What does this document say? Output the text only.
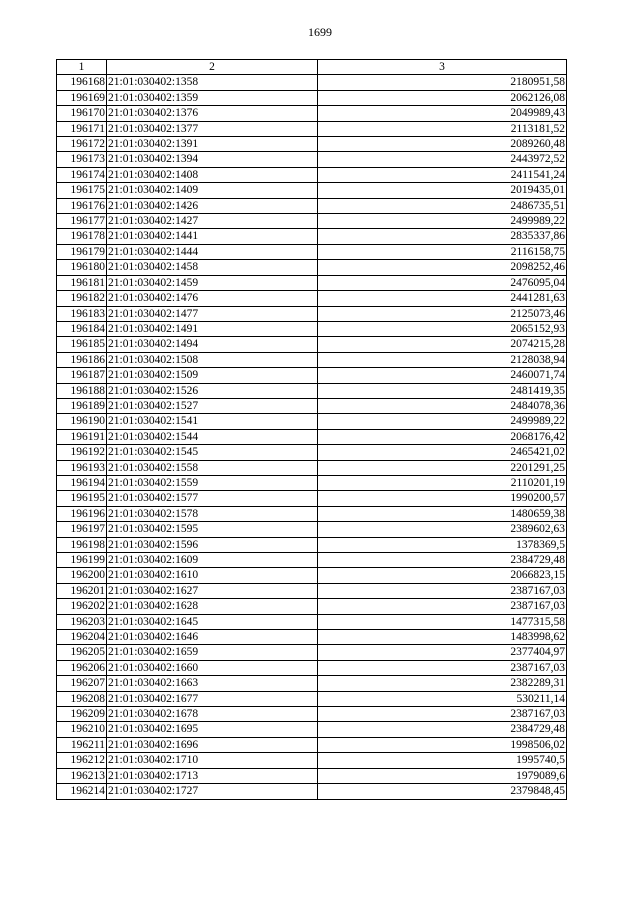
1699
1	2	3
196168	21:01:030402:1358	2180951,58
196169	21:01:030402:1359	2062126,08
196170	21:01:030402:1376	2049989,43
196171	21:01:030402:1377	2113181,52
196172	21:01:030402:1391	2089260,48
196173	21:01:030402:1394	2443972,52
196174	21:01:030402:1408	2411541,24
196175	21:01:030402:1409	2019435,01
196176	21:01:030402:1426	2486735,51
196177	21:01:030402:1427	2499989,22
196178	21:01:030402:1441	2835337,86
196179	21:01:030402:1444	2116158,75
196180	21:01:030402:1458	2098252,46
196181	21:01:030402:1459	2476095,04
196182	21:01:030402:1476	2441281,63
196183	21:01:030402:1477	2125073,46
196184	21:01:030402:1491	2065152,93
196185	21:01:030402:1494	2074215,28
196186	21:01:030402:1508	2128038,94
196187	21:01:030402:1509	2460071,74
196188	21:01:030402:1526	2481419,35
196189	21:01:030402:1527	2484078,36
196190	21:01:030402:1541	2499989,22
196191	21:01:030402:1544	2068176,42
196192	21:01:030402:1545	2465421,02
196193	21:01:030402:1558	2201291,25
196194	21:01:030402:1559	2110201,19
196195	21:01:030402:1577	1990200,57
196196	21:01:030402:1578	1480659,38
196197	21:01:030402:1595	2389602,63
196198	21:01:030402:1596	1378369,5
196199	21:01:030402:1609	2384729,48
196200	21:01:030402:1610	2066823,15
196201	21:01:030402:1627	2387167,03
196202	21:01:030402:1628	2387167,03
196203	21:01:030402:1645	1477315,58
196204	21:01:030402:1646	1483998,62
196205	21:01:030402:1659	2377404,97
196206	21:01:030402:1660	2387167,03
196207	21:01:030402:1663	2382289,31
196208	21:01:030402:1677	530211,14
196209	21:01:030402:1678	2387167,03
196210	21:01:030402:1695	2384729,48
196211	21:01:030402:1696	1998506,02
196212	21:01:030402:1710	1995740,5
196213	21:01:030402:1713	1979089,6
196214	21:01:030402:1727	2379848,45
